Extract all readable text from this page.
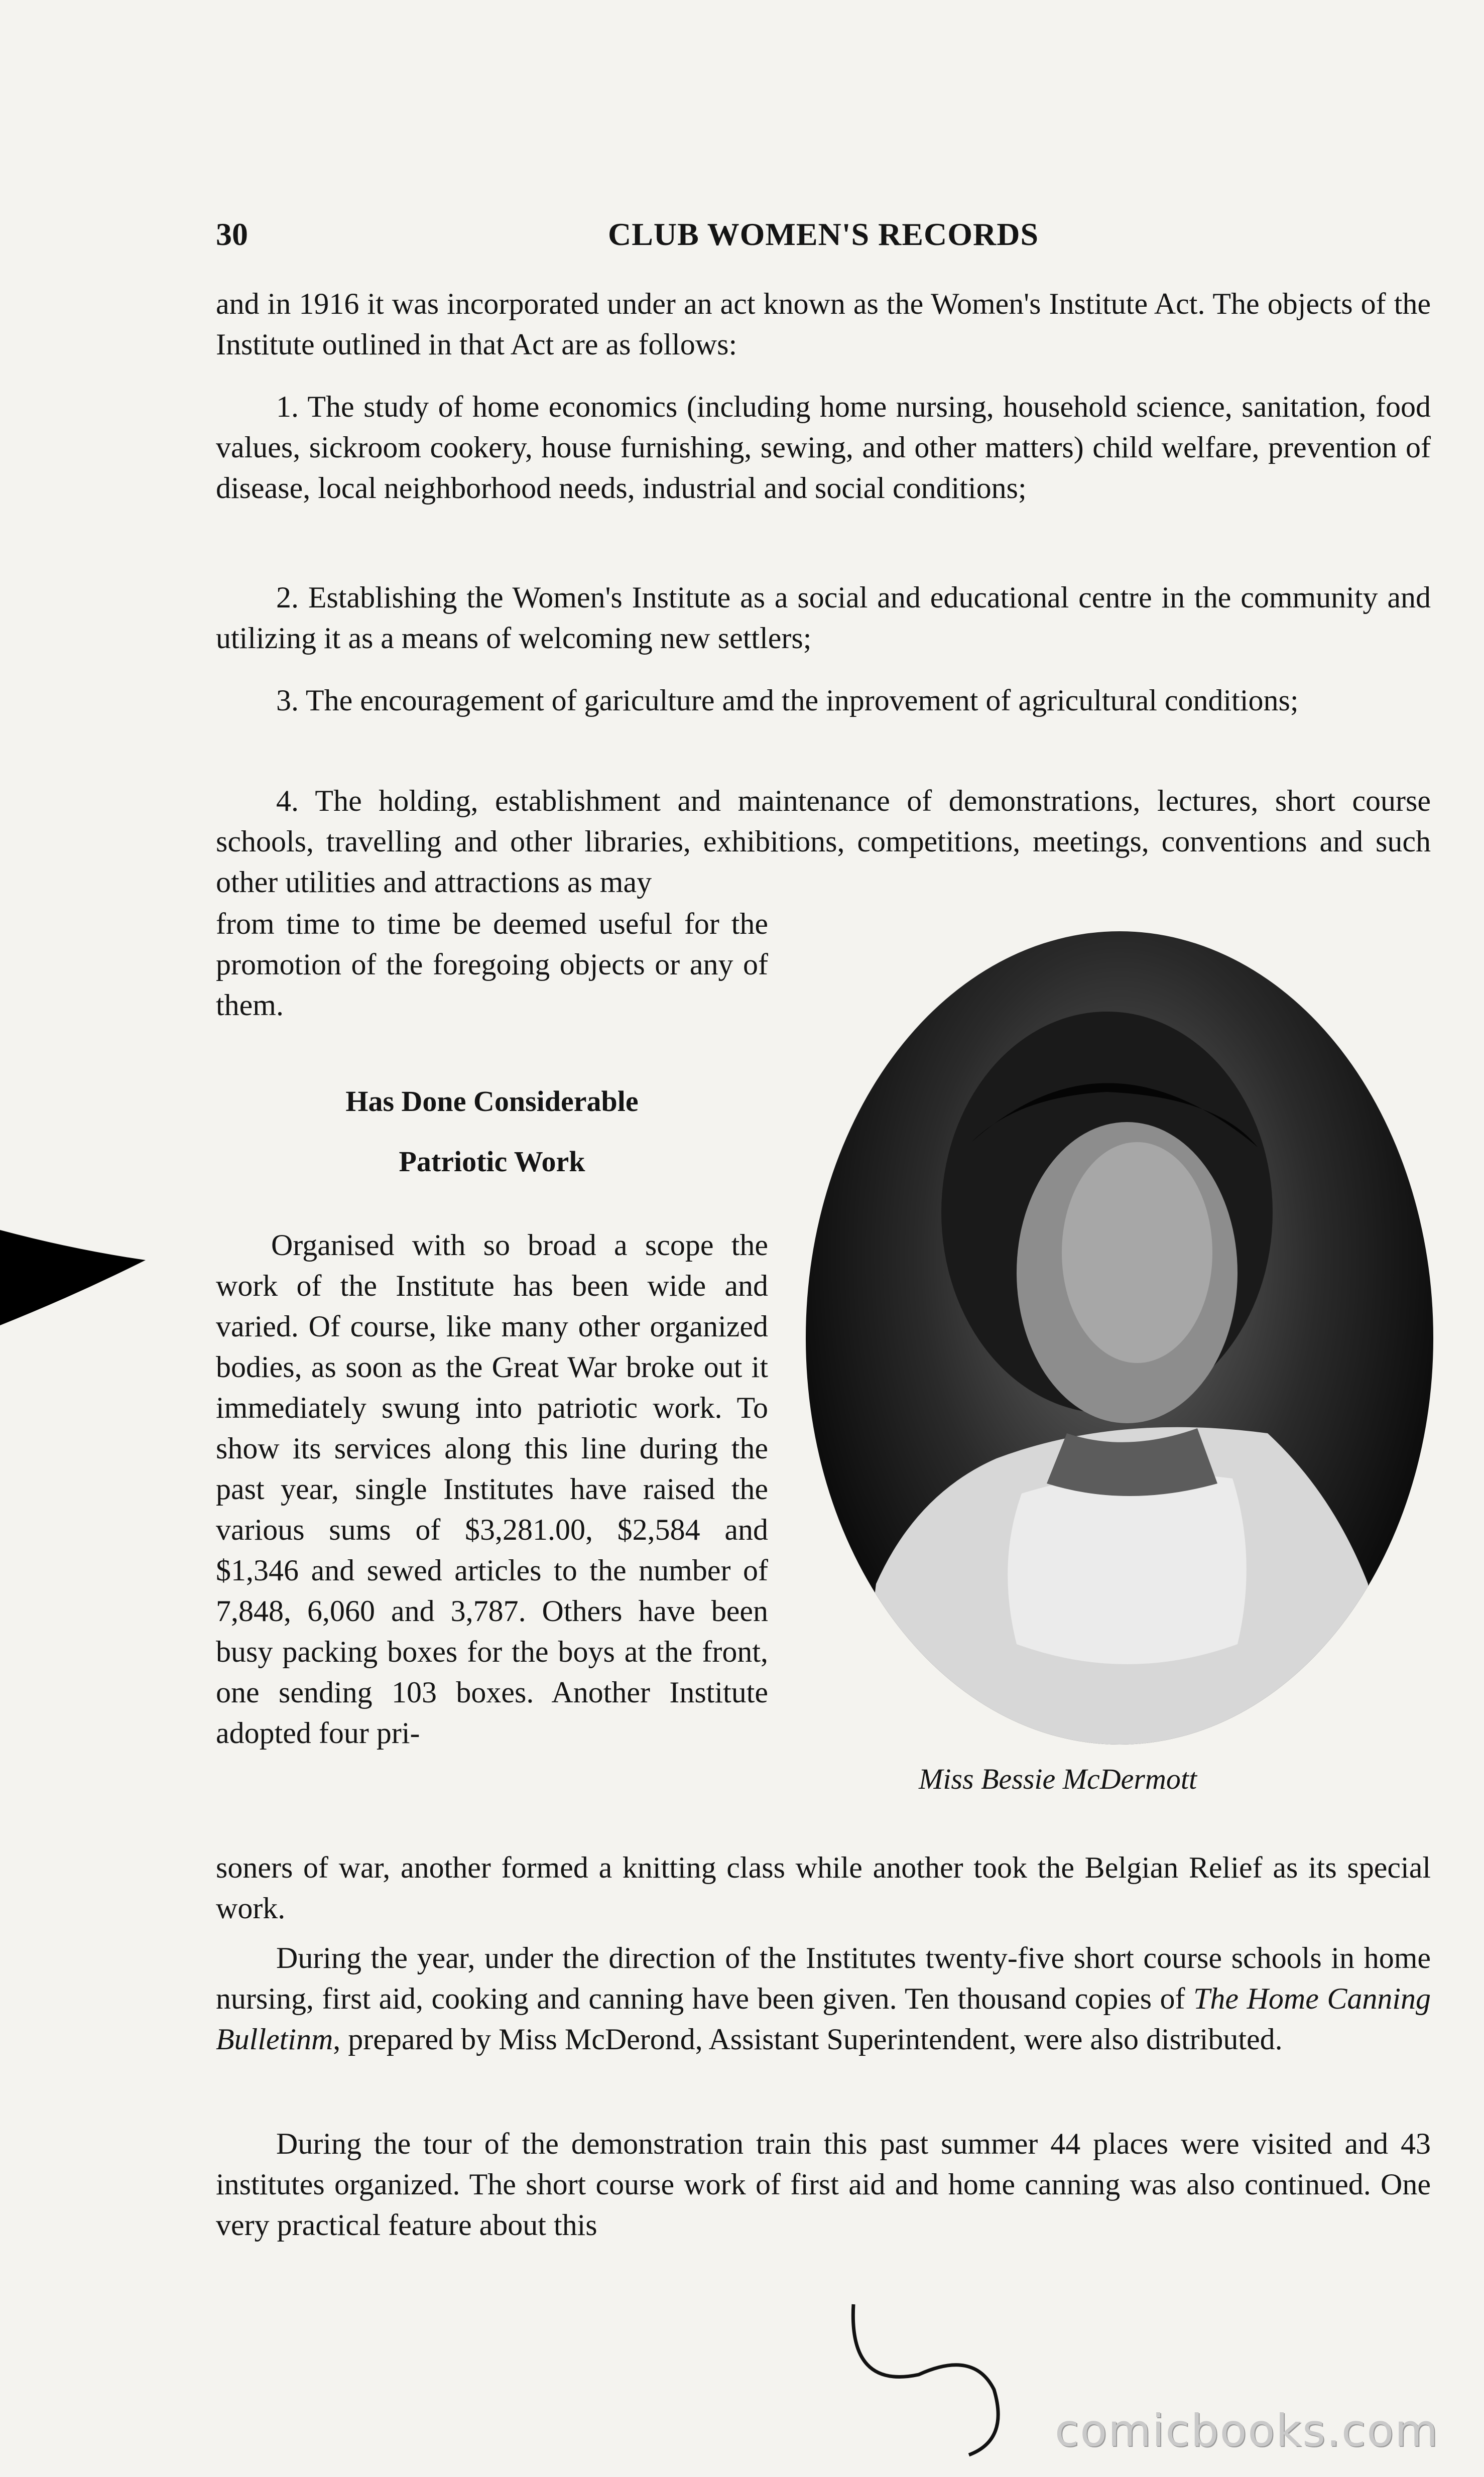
30	CLUB WOMEN'S RECORDS

and in 1916 it was incorporated under an act known as the Women's Institute Act. The objects of the Institute outlined in that Act are as follows:

1. The study of home economics (including home nursing, household science, sanitation, food values, sickroom cookery, house furnishing, sewing, and other matters) child welfare, prevention of disease, local neighborhood needs, industrial and social conditions;

2. Establishing the Women's Institute as a social and educational centre in the community and utilizing it as a means of welcoming new settlers;

3. The encouragement of gariculture amd the inprovement of agricultural conditions;

4. The holding, establishment and maintenance of demonstrations, lectures, short course schools, travelling and other libraries, exhibitions, competitions, meetings, conventions and such other utilities and attractions as may

from time to time be deemed useful for the promotion of the foregoing objects or any of them.

Has Done Considerable
Patriotic Work

Organised with so broad a scope the work of the Institute has been wide and varied. Of course, like many other organized bodies, as soon as the Great War broke out it immediately swung into patriotic work. To show its services along this line during the past year, single Institutes have raised the various sums of $3,281.00, $2,584 and $1,346 and sewed articles to the number of 7,848, 6,060 and 3,787. Others have been busy packing boxes for the boys at the front, one sending 103 boxes. Another Institute adopted four pri-

Miss Bessie McDermott

soners of war, another formed a knitting class while another took the Belgian Relief as its special work.

During the year, under the direction of the Institutes twenty-five short course schools in home nursing, first aid, cooking and canning have been given. Ten thousand copies of The Home Canning Bulletinm, prepared by Miss McDerond, Assistant Superintendent, were also distributed.

During the tour of the demonstration train this past summer 44 places were visited and 43 institutes organized. The short course work of first aid and home canning was also continued. One very practical feature about this

comicbooks.com
